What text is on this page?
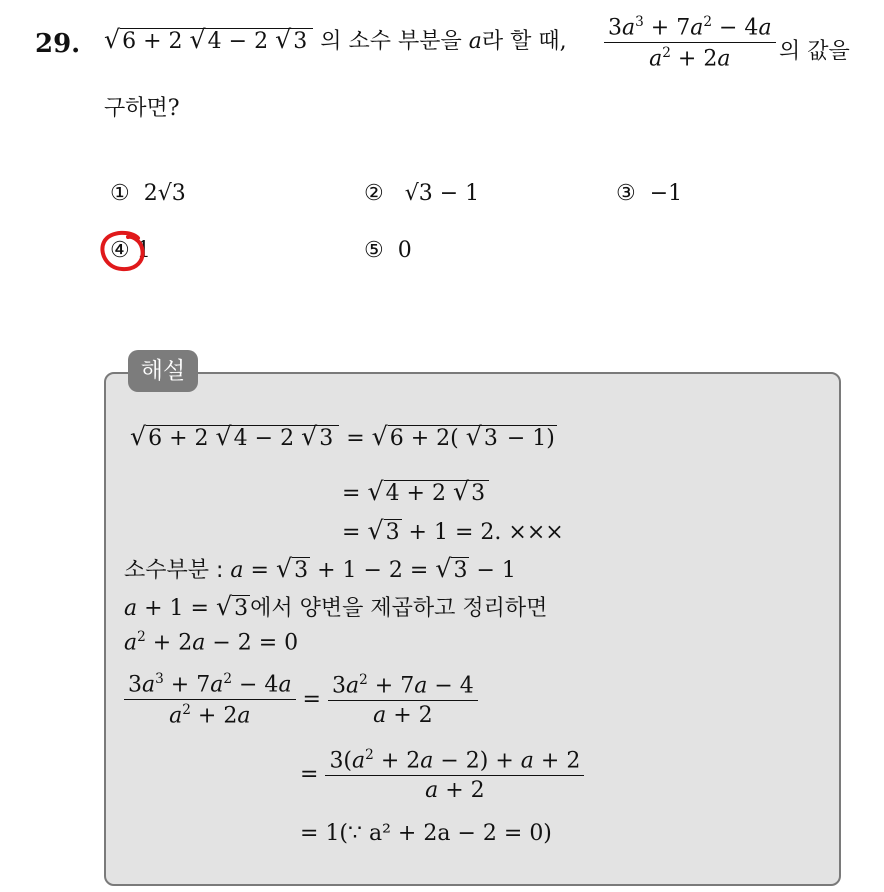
29. √6 + 2 √4 − 2 √3 의 소수 부분을 a라 할 때, $\frac{3a^3 + 7a^2 - 4a}{a^2 + 2a}$ 의 값을
구하면?
① 2√3	② √3 − 1	③ −1
④ 1	⑤ 0
해설
√6 + 2 √4 − 2 √3 = √6 + 2( √3 − 1)
= √4 + 2 √3
= √3 + 1 = 2. ×××
소수부분 : a = √3 + 1 − 2 = √3 − 1
a + 1 = √3에서 양변을 제곱하고 정리하면
$a^2 + 2a - 2 = 0$
$\frac{3a^3 + 7a^2 - 4a}{a^2 + 2a} = \frac{3a^2 + 7a - 4}{a + 2}$
= $\frac{3(a^2 + 2a - 2) + a + 2}{a + 2}$
= 1(∵ a² + 2a − 2 = 0)
